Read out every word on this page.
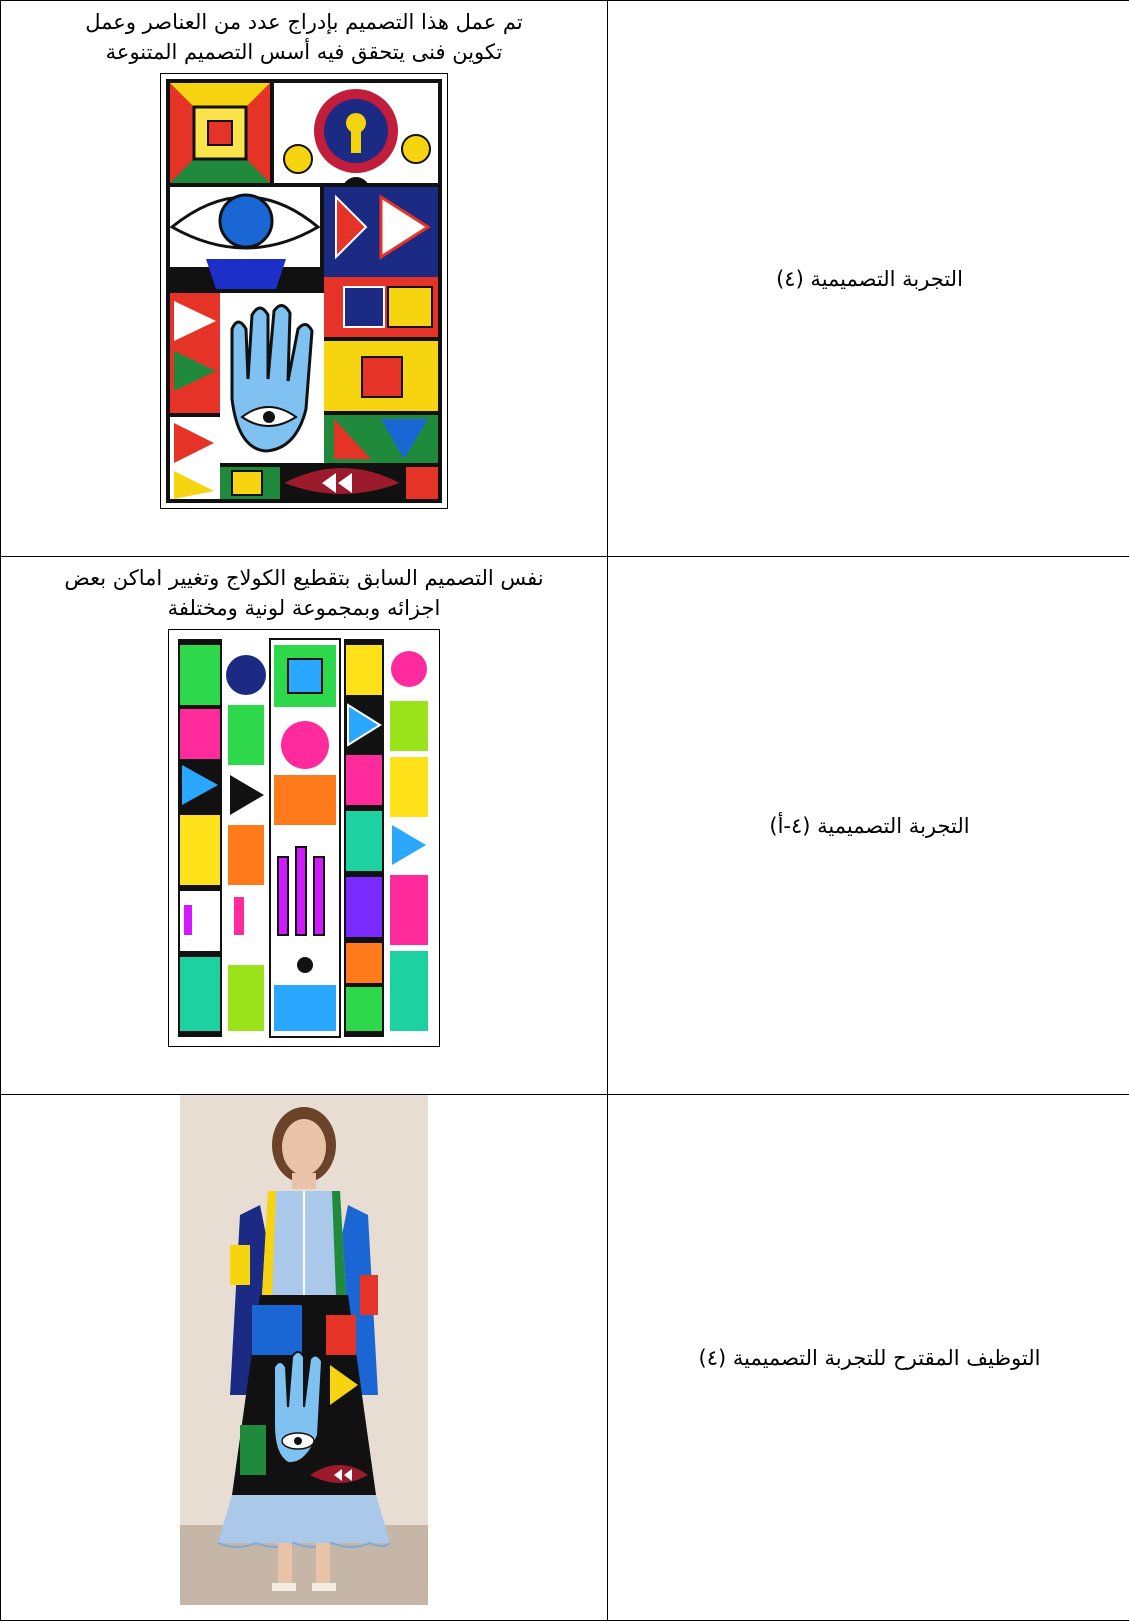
تم عمل هذا التصميم بإدراج عدد من العناصر وعمل
تكوين فنى يتحقق فيه أسس التصميم المتنوعة	التجربة التصميمية (٤)

نفس التصميم السابق بتقطيع الكولاج وتغيير اماكن بعض
اجزائه وبمجموعة لونية ومختلفة	التجربة التصميمية (٤-أ)

التوظيف المقترح للتجربة التصميمية (٤)
